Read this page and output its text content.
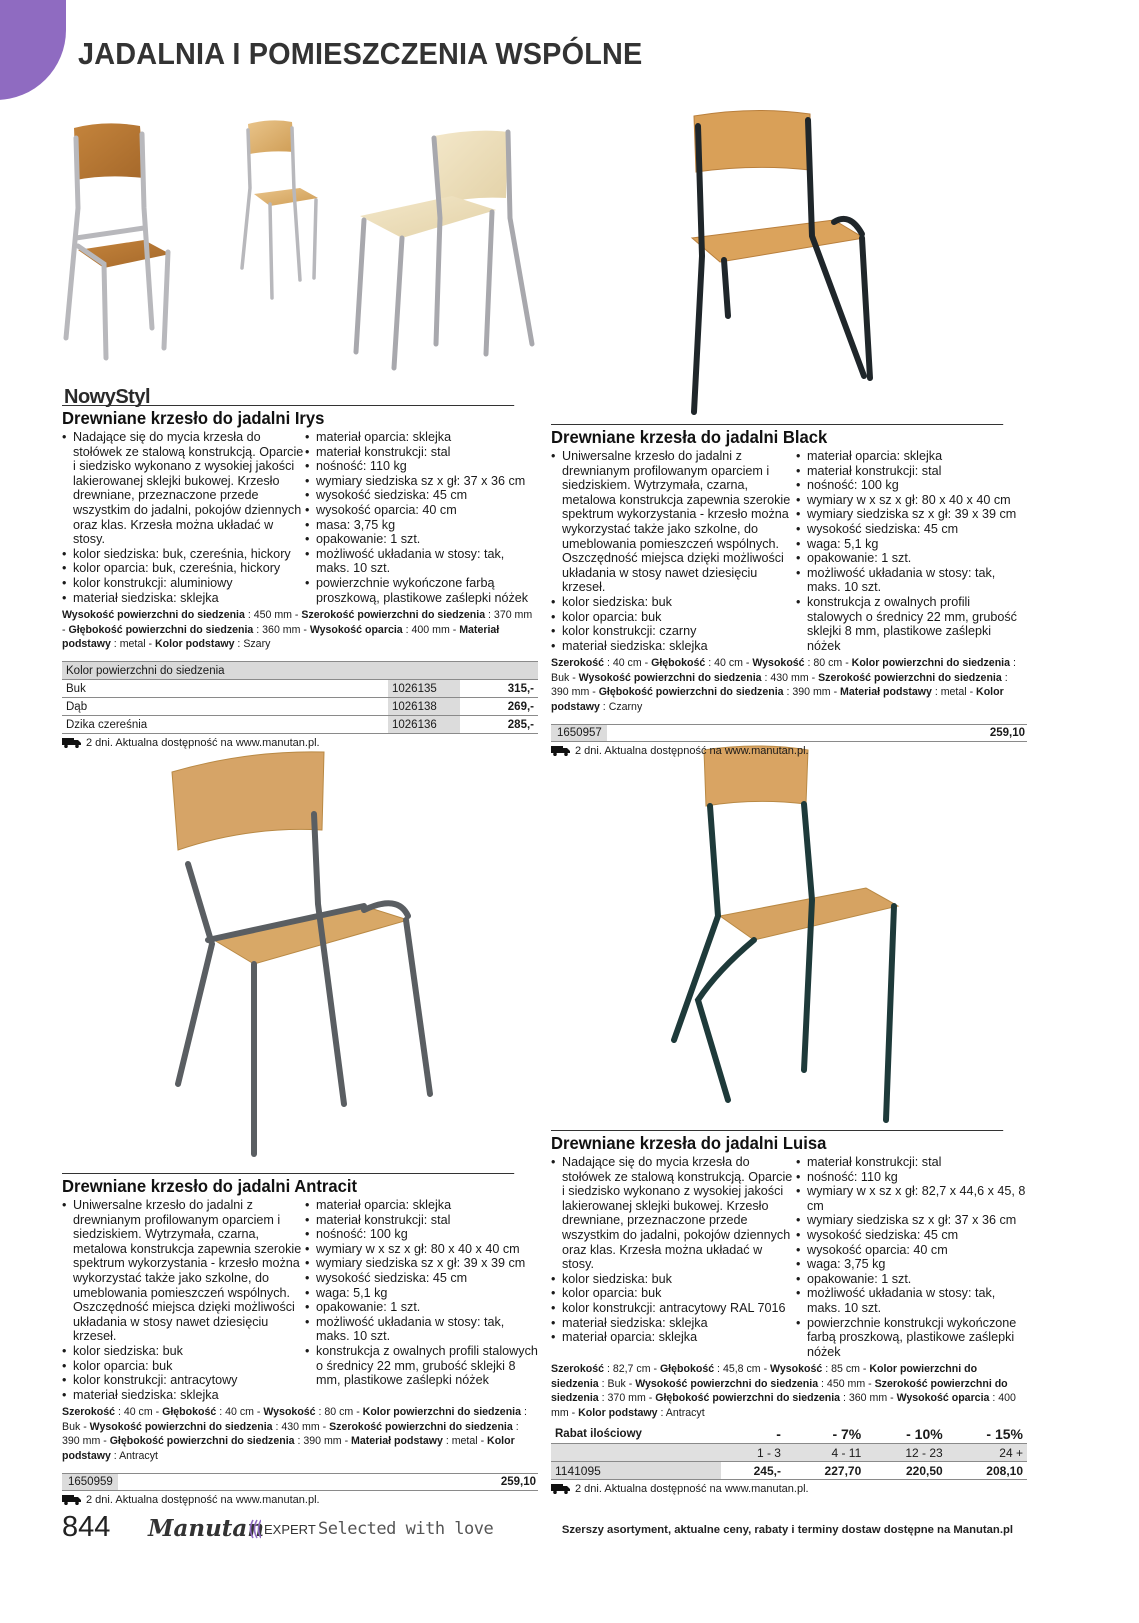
JADALNIA I POMIESZCZENIA WSPÓLNE
NowyStyl
Drewniane krzesło do jadalni Irys
• Nadające się do mycia krzesła do stołówek ze stalową konstrukcją. Oparcie i siedzisko wykonano z wysokiej jakości lakierowanej sklejki bukowej. Krzesło drewniane, przeznaczone przede wszystkim do jadalni, pokojów dziennych oraz klas. Krzesła można układać w stosy.
• kolor siedziska: buk, czereśnia, hickory
• kolor oparcia: buk, czereśnia, hickory
• kolor konstrukcji: aluminiowy
• materiał siedziska: sklejka
• materiał oparcia: sklejka
• materiał konstrukcji: stal
• nośność: 110 kg
• wymiary siedziska sz x gł: 37 x 36 cm
• wysokość siedziska: 45 cm
• wysokość oparcia: 40 cm
• masa: 3,75 kg
• opakowanie: 1 szt.
• możliwość układania w stosy: tak, maks. 10 szt.
• powierzchnie wykończone farbą proszkową, plastikowe zaślepki nóżek
Wysokość powierzchni do siedzenia : 450 mm - Szerokość powierzchni do siedzenia : 370 mm - Głębokość powierzchni do siedzenia : 360 mm - Wysokość oparcia : 400 mm - Materiał podstawy : metal - Kolor podstawy : Szary
Kolor powierzchni do siedzenia		
Buk	1026135	315,-
Dąb	1026138	269,-
Dzika czereśnia	1026136	285,-
2 dni. Aktualna dostępność na www.manutan.pl.
Drewniane krzesła do jadalni Black
• Uniwersalne krzesło do jadalni z drewnianym profilowanym oparciem i siedziskiem. Wytrzymała, czarna, metalowa konstrukcja zapewnia szerokie spektrum wykorzystania - krzesło można wykorzystać także jako szkolne, do umeblowania pomieszczeń wspólnych. Oszczędność miejsca dzięki możliwości układania w stosy nawet dziesięciu krzeseł.
• kolor siedziska: buk
• kolor oparcia: buk
• kolor konstrukcji: czarny
• materiał siedziska: sklejka
• materiał oparcia: sklejka
• materiał konstrukcji: stal
• nośność: 100 kg
• wymiary w x sz x gł: 80 x 40 x 40 cm
• wymiary siedziska sz x gł: 39 x 39 cm
• wysokość siedziska: 45 cm
• waga: 5,1 kg
• opakowanie: 1 szt.
• możliwość układania w stosy: tak, maks. 10 szt.
• konstrukcja z owalnych profili stalowych o średnicy 22 mm, grubość sklejki 8 mm, plastikowe zaślepki nóżek
Szerokość : 40 cm - Głębokość : 40 cm - Wysokość : 80 cm - Kolor powierzchni do siedzenia : Buk - Wysokość powierzchni do siedzenia : 430 mm - Szerokość powierzchni do siedzenia : 390 mm - Głębokość powierzchni do siedzenia : 390 mm - Materiał podstawy : metal - Kolor podstawy : Czarny
1650957	259,10
2 dni. Aktualna dostępność na www.manutan.pl.
Drewniane krzesło do jadalni Antracit
• Uniwersalne krzesło do jadalni z drewnianym profilowanym oparciem i siedziskiem. Wytrzymała, czarna, metalowa konstrukcja zapewnia szerokie spektrum wykorzystania - krzesło można wykorzystać także jako szkolne, do umeblowania pomieszczeń wspólnych. Oszczędność miejsca dzięki możliwości układania w stosy nawet dziesięciu krzeseł.
• kolor siedziska: buk
• kolor oparcia: buk
• kolor konstrukcji: antracytowy
• materiał siedziska: sklejka
• materiał oparcia: sklejka
• materiał konstrukcji: stal
• nośność: 100 kg
• wymiary w x sz x gł: 80 x 40 x 40 cm
• wymiary siedziska sz x gł: 39 x 39 cm
• wysokość siedziska: 45 cm
• waga: 5,1 kg
• opakowanie: 1 szt.
• możliwość układania w stosy: tak, maks. 10 szt.
• konstrukcja z owalnych profili stalowych o średnicy 22 mm, grubość sklejki 8 mm, plastikowe zaślepki nóżek
Szerokość : 40 cm - Głębokość : 40 cm - Wysokość : 80 cm - Kolor powierzchni do siedzenia : Buk - Wysokość powierzchni do siedzenia : 430 mm - Szerokość powierzchni do siedzenia : 390 mm - Głębokość powierzchni do siedzenia : 390 mm - Materiał podstawy : metal - Kolor podstawy : Antracyt
1650959	259,10
2 dni. Aktualna dostępność na www.manutan.pl.
Drewniane krzesła do jadalni Luisa
• Nadające się do mycia krzesła do stołówek ze stalową konstrukcją. Oparcie i siedzisko wykonano z wysokiej jakości lakierowanej sklejki bukowej. Krzesło drewniane, przeznaczone przede wszystkim do jadalni, pokojów dziennych oraz klas. Krzesła można układać w stosy.
• kolor siedziska: buk
• kolor oparcia: buk
• kolor konstrukcji: antracytowy RAL 7016
• materiał siedziska: sklejka
• materiał oparcia: sklejka
• materiał konstrukcji: stal
• nośność: 110 kg
• wymiary w x sz x gł: 82,7 x 44,6 x 45, 8 cm
• wymiary siedziska sz x gł: 37 x 36 cm
• wysokość siedziska: 45 cm
• wysokość oparcia: 40 cm
• waga: 3,75 kg
• opakowanie: 1 szt.
• możliwość układania w stosy: tak, maks. 10 szt.
• powierzchnie konstrukcji wykończone farbą proszkową, plastikowe zaślepki nóżek
Szerokość : 82,7 cm - Głębokość : 45,8 cm - Wysokość : 85 cm - Kolor powierzchni do siedzenia : Buk - Wysokość powierzchni do siedzenia : 450 mm - Szerokość powierzchni do siedzenia : 370 mm - Głębokość powierzchni do siedzenia : 360 mm - Wysokość oparcia : 400 mm - Kolor podstawy : Antracyt
Rabat ilościowy	-	- 7%	- 10%	- 15%
	1 - 3	4 - 11	12 - 23	24 +
1141095	245,-	227,70	220,50	208,10
2 dni. Aktualna dostępność na www.manutan.pl.
844 Manutan EXPERT Selected with love	Szerszy asortyment, aktualne ceny, rabaty i terminy dostaw dostępne na Manutan.pl
